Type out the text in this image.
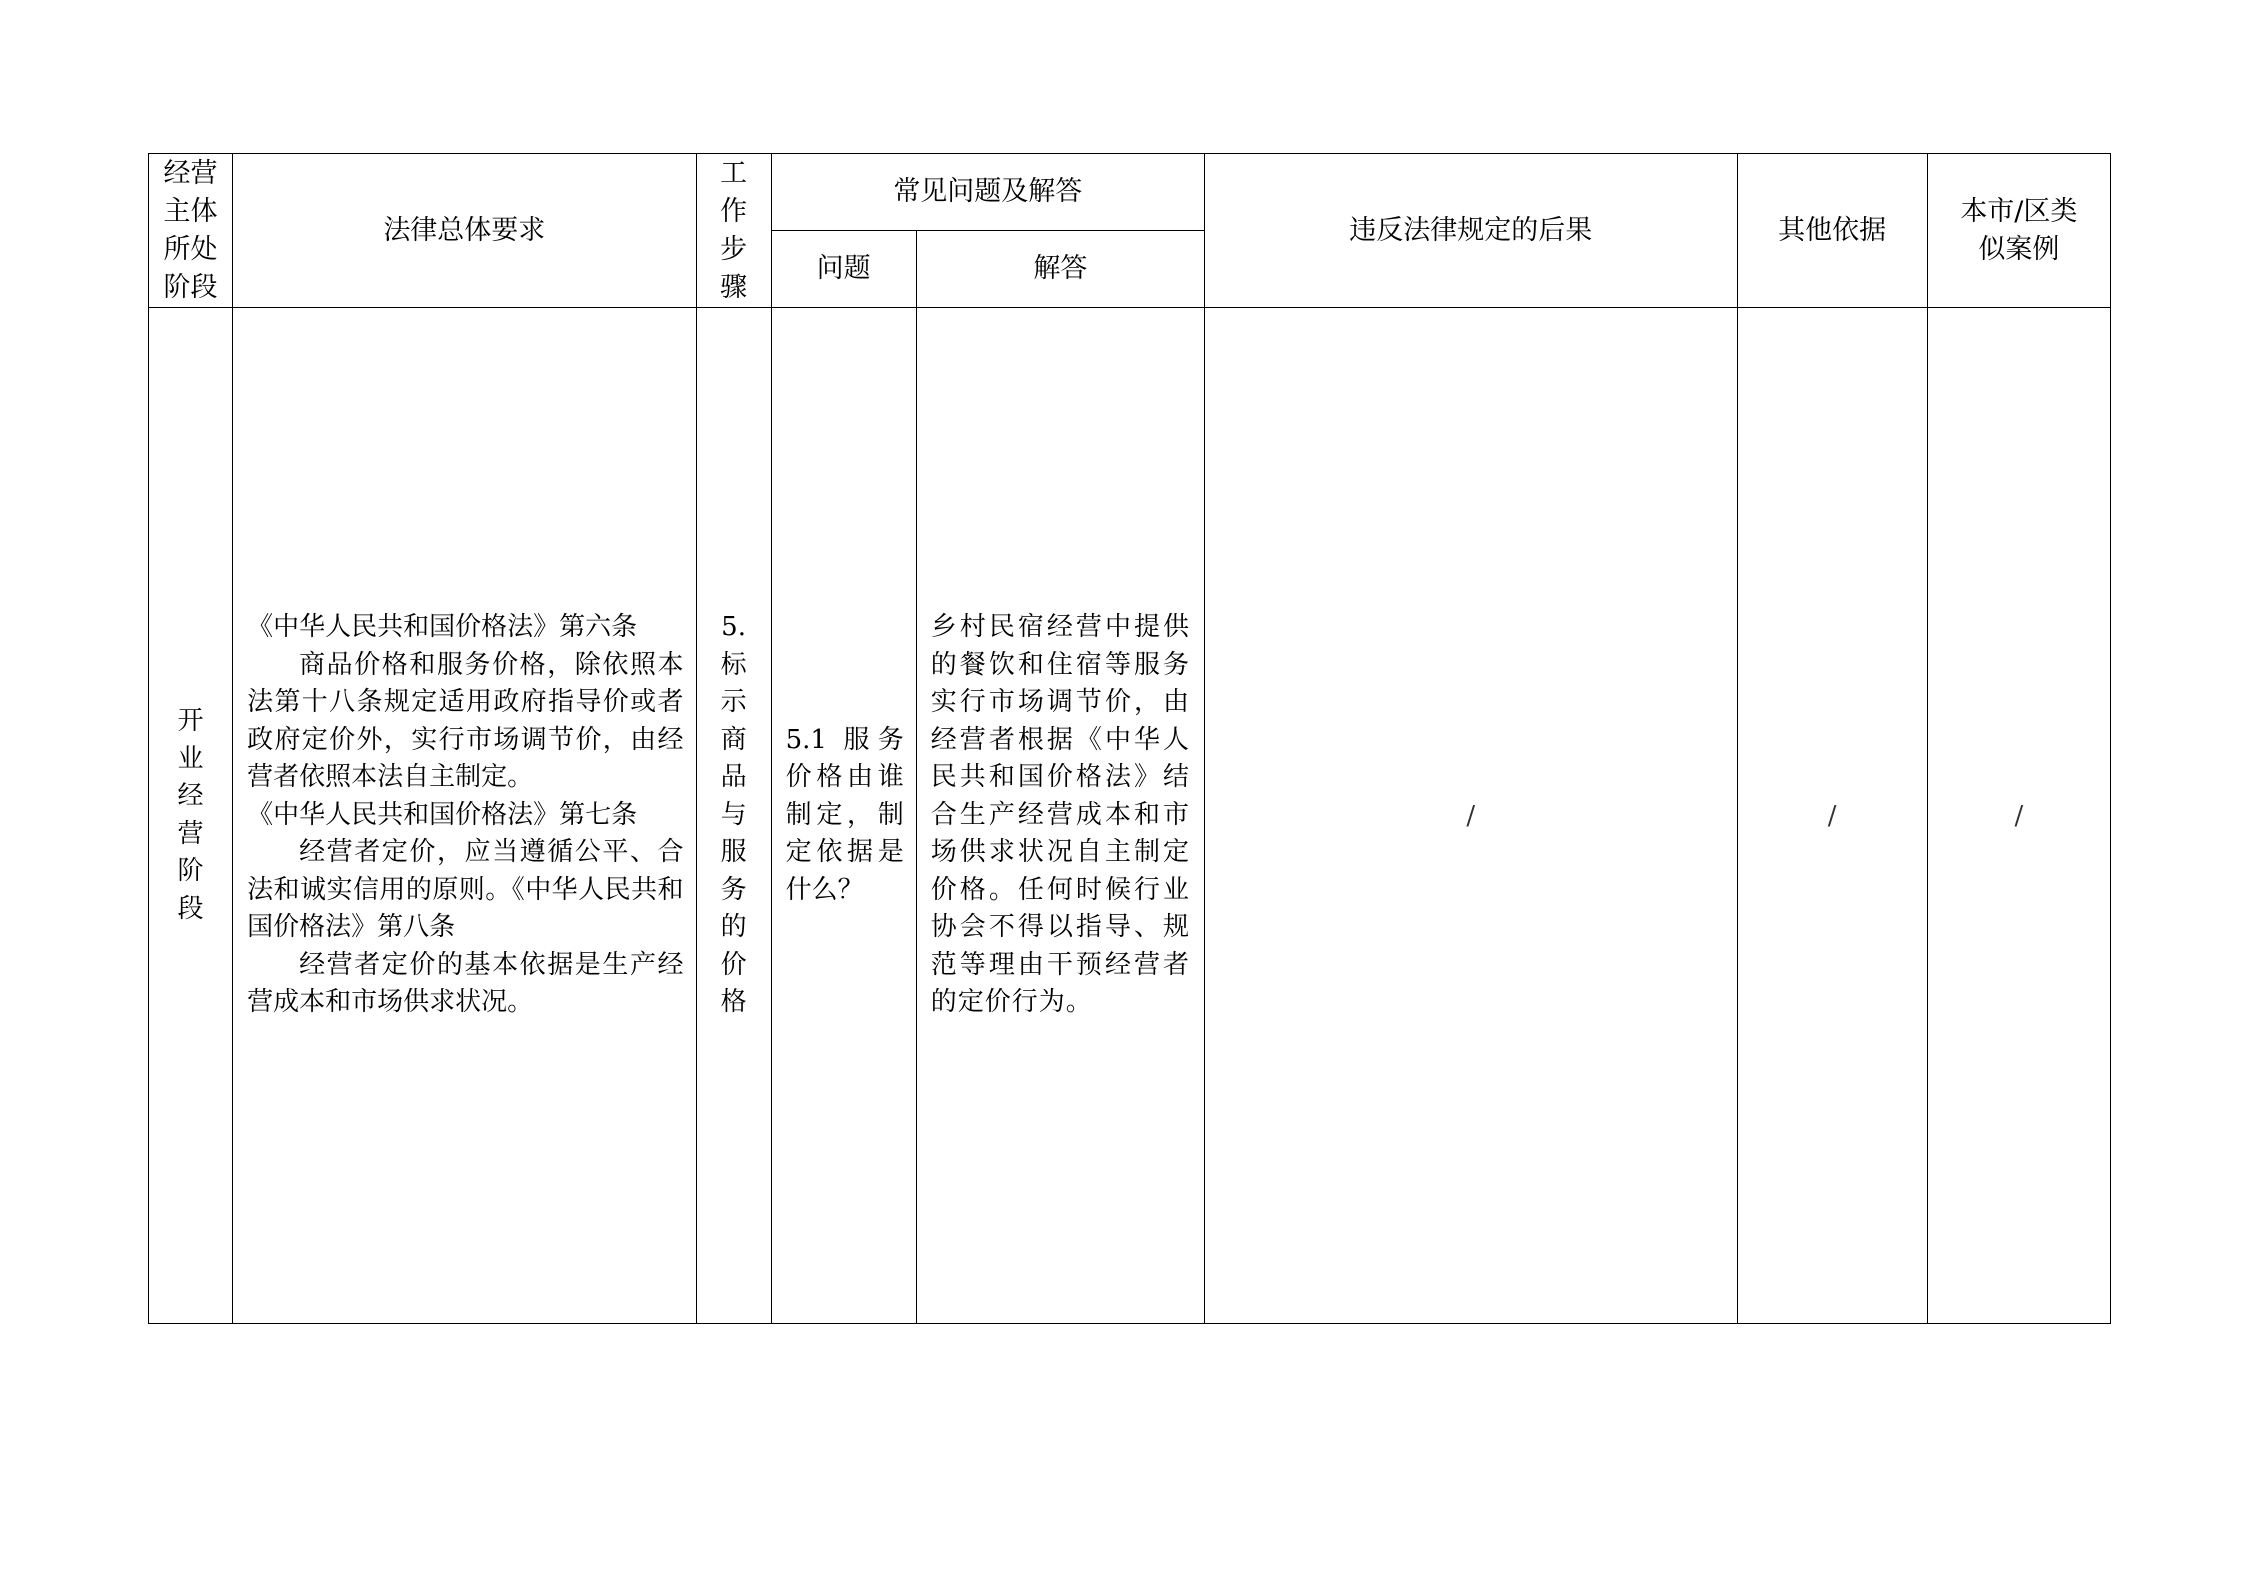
经营主体所处阶段	法律总体要求	工作步骤	常见问题及解答		违反法律规定的后果	其他依据	本市/区类似案例

			问题	解答			

开业经营阶段	《中华人民共和国价格法》第六条
商品价格和服务价格，除依照本法第十八条规定适用政府指导价或者政府定价外，实行市场调节价，由经营者依照本法自主制定。
《中华人民共和国价格法》第七条
经营者定价，应当遵循公平、合法和诚实信用的原则。《中华人民共和国价格法》第八条
经营者定价的基本依据是生产经营成本和市场供求状况。	5.标示商品与服务的价格	5.1 服务价格由谁制定，制定依据是什么？	乡村民宿经营中提供的餐饮和住宿等服务实行市场调节价，由经营者根据《中华人民共和国价格法》结合生产经营成本和市场供求状况自主制定价格。任何时候行业协会不得以指导、规范等理由干预经营者的定价行为。	/	/	/
